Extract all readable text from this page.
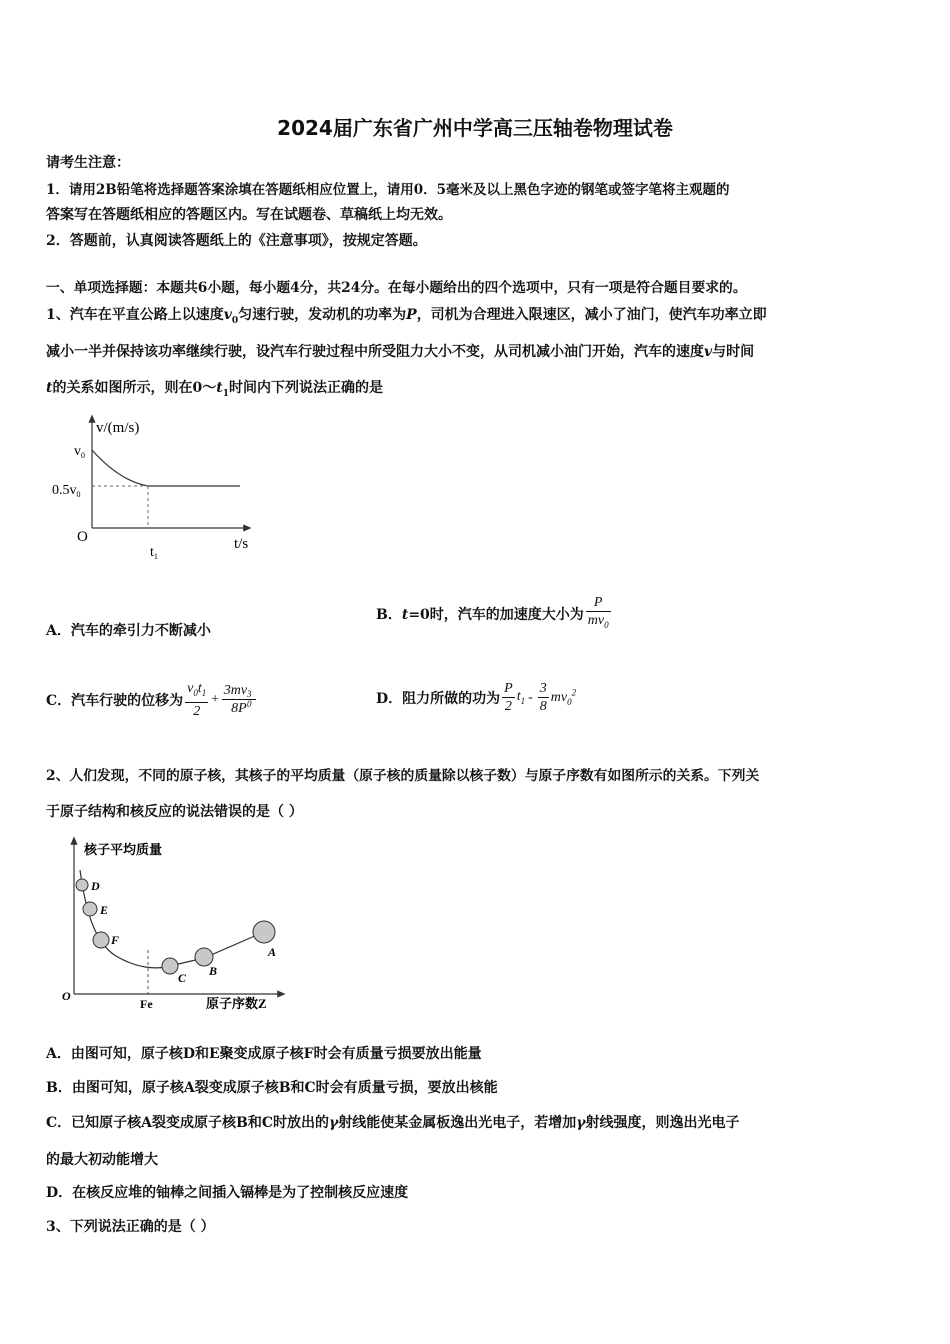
2024届广东省广州中学高三压轴卷物理试卷
请考生注意：
1．请用2B铅笔将选择题答案涂填在答题纸相应位置上，请用0．5毫米及以上黑色字迹的钢笔或签字笔将主观题的
答案写在答题纸相应的答题区内。写在试题卷、草稿纸上均无效。
2．答题前，认真阅读答题纸上的《注意事项》，按规定答题。
一、单项选择题：本题共6小题，每小题4分，共24分。在每小题给出的四个选项中，只有一项是符合题目要求的。
1、汽车在平直公路上以速度$v_0$匀速行驶，发动机的功率为P，司机为合理进入限速区，减小了油门，使汽车功率立即
减小一半并保持该功率继续行驶，设汽车行驶过程中所受阻力大小不变，从司机减小油门开始，汽车的速度v与时间
t的关系如图所示，则在$0\sim t_1$时间内下列说法正确的是
v/(m/s)
$v_0$
$0.5v_0$
O
$t_1$
t/s
A．汽车的牵引力不断减小
B．t=0时，汽车的加速度大小为 $\frac{P}{mv_0}$
C．汽车行驶的位移为 $\frac{v_0t_1}{2} + 3mv$ 3
0
8P	D．阻力所做的功为 $\frac{P}{2} t_1 - \frac{3}{8} mv_0^2$
2、人们发现，不同的原子核，其核子的平均质量（原子核的质量除以核子数）与原子序数有如图所示的关系。下列关
于原子结构和核反应的说法错误的是（ ）
核子平均质量
D
E
F
C B
A
O
Fe	原子序数Z
A．由图可知，原子核D和E聚变成原子核F时会有质量亏损要放出能量
B．由图可知，原子核A裂变成原子核B和C时会有质量亏损，要放出核能
C．已知原子核A裂变成原子核B和C时放出的γ射线能使某金属板逸出光电子，若增加γ射线强度，则逸出光电子
的最大初动能增大
D．在核反应堆的铀棒之间插入镉棒是为了控制核反应速度
3、下列说法正确的是（ ）
